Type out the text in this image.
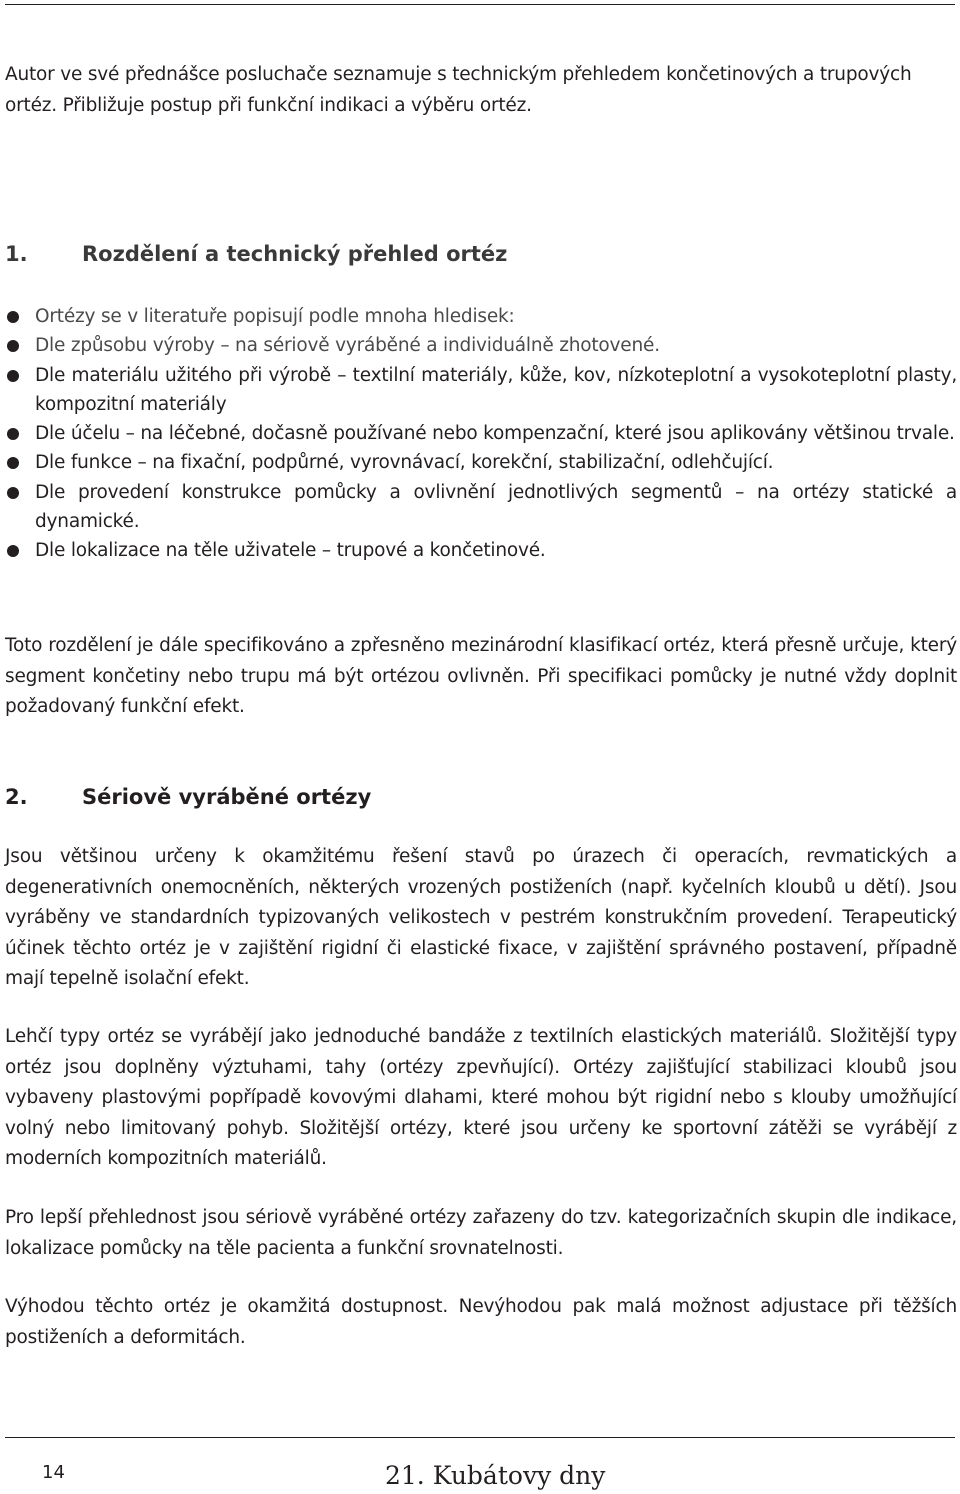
Autor ve své přednášce posluchače seznamuje s technickým přehledem končetinových a trupových ortéz. Přibližuje postup při funkční indikaci a výběru ortéz.

1.	Rozdělení a technický přehled ortéz
Ortézy se v literatuře popisují podle mnoha hledisek:
Dle způsobu výroby – na sériově vyráběné a individuálně zhotovené.
Dle materiálu užitého při výrobě – textilní materiály, kůže, kov, nízkoteplotní a vysokoteplotní plasty, kompozitní materiály
Dle účelu – na léčebné, dočasně používané nebo kompenzační, které jsou aplikovány většinou trvale.
Dle funkce – na fixační, podpůrné, vyrovnávací, korekční, stabilizační, odlehčující.
Dle provedení konstrukce pomůcky a ovlivnění jednotlivých segmentů – na ortézy statické a dynamické.
Dle lokalizace na těle uživatele – trupové a končetinové.

Toto rozdělení je dále specifikováno a zpřesněno mezinárodní klasifikací ortéz, která přesně určuje, který segment končetiny nebo trupu má být ortézou ovlivněn. Při specifikaci pomůcky je nutné vždy doplnit požadovaný funkční efekt.

2.	Sériově vyráběné ortézy

Jsou většinou určeny k okamžitému řešení stavů po úrazech či operacích, revmatických a degenerativních onemocněních, některých vrozených postiženích (např. kyčelních kloubů u dětí). Jsou vyráběny ve standardních typizovaných velikostech v pestrém konstrukčním provedení. Terapeutický účinek těchto ortéz je v zajištění rigidní či elastické fixace, v zajištění správného postavení, případně mají tepelně isolační efekt.

Lehčí typy ortéz se vyrábějí jako jednoduché bandáže z textilních elastických materiálů. Složitější typy ortéz jsou doplněny výztuhami, tahy (ortézy zpevňující). Ortézy zajišťující stabilizaci kloubů jsou vybaveny plastovými popřípadě kovovými dlahami, které mohou být rigidní nebo s klouby umožňující volný nebo limitovaný pohyb. Složitější ortézy, které jsou určeny ke sportovní zátěži se vyrábějí z moderních kompozitních materiálů.

Pro lepší přehlednost jsou sériově vyráběné ortézy zařazeny do tzv. kategorizačních skupin dle indikace, lokalizace pomůcky na těle pacienta a funkční srovnatelnosti.

Výhodou těchto ortéz je okamžitá dostupnost. Nevýhodou pak malá možnost adjustace při těžších postiženích a deformitách.

14	21. Kubátovy dny
